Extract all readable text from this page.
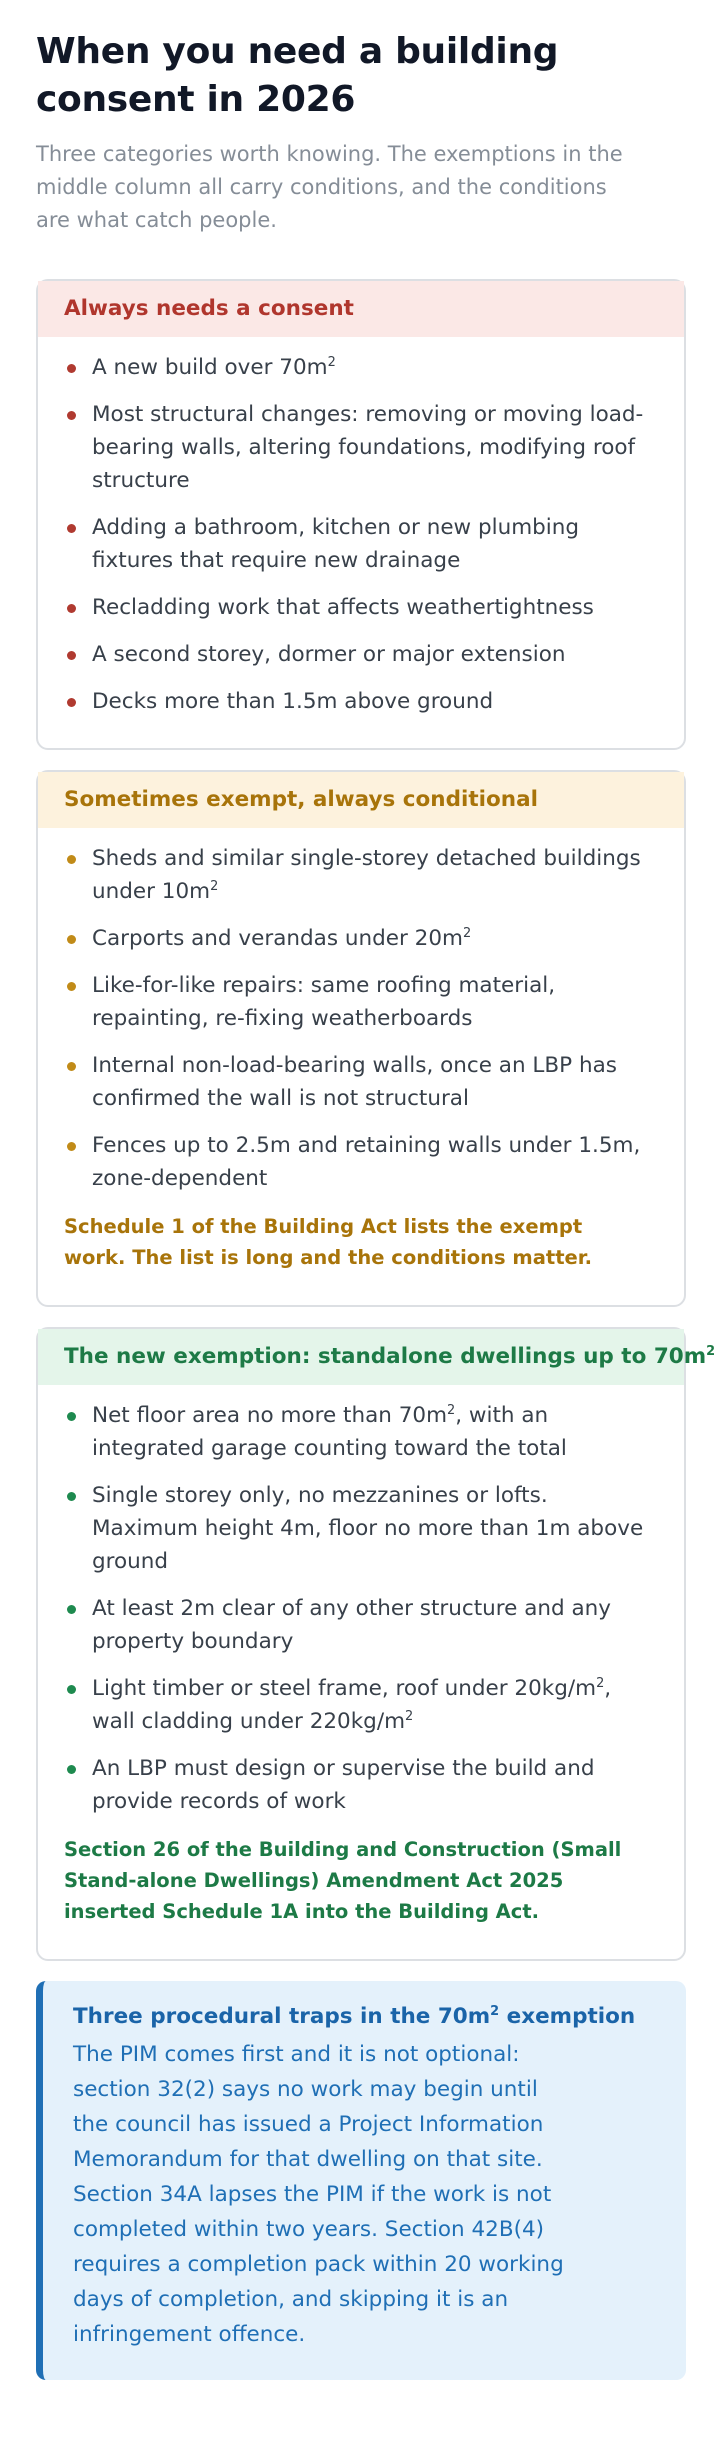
When you need a building consent in 2026

Three categories worth knowing. The exemptions in the middle column all carry conditions, and the conditions are what catch people.

Always needs a consent
A new build over $70m^2$
Most structural changes: removing or moving load-bearing walls, altering foundations, modifying roof structure
Adding a bathroom, kitchen or new plumbing fixtures that require new drainage
Recladding work that affects weathertightness
A second storey, dormer or major extension
Decks more than 1.5m above ground
Sometimes exempt, always conditional
Sheds and similar single-storey detached buildings under $10m^2$
Carports and verandas under $20m^2$
Like-for-like repairs: same roofing material, repainting, re-fixing weatherboards
Internal non-load-bearing walls, once an LBP has confirmed the wall is not structural
Fences up to 2.5m and retaining walls under 1.5m, zone-dependent

Schedule 1 of the Building Act lists the exempt work. The list is long and the conditions matter.

The new exemption: standalone dwellings up to $70m^2$
Net floor area no more than $70m^2$, with an integrated garage counting toward the total
Single storey only, no mezzanines or lofts. Maximum height 4m, floor no more than 1m above ground
At least 2m clear of any other structure and any property boundary
Light timber or steel frame, roof under $20kg/m^2$, wall cladding under $220kg/m^2$
An LBP must design or supervise the build and provide records of work

Section 26 of the Building and Construction (Small Stand-alone Dwellings) Amendment Act 2025 inserted Schedule 1A into the Building Act.

Three procedural traps in the $70m^2$ exemption
The PIM comes first and it is not optional: section 32(2) says no work may begin until the council has issued a Project Information Memorandum for that dwelling on that site. Section 34A lapses the PIM if the work is not completed within two years. Section 42B(4) requires a completion pack within 20 working days of completion, and skipping it is an infringement offence.
